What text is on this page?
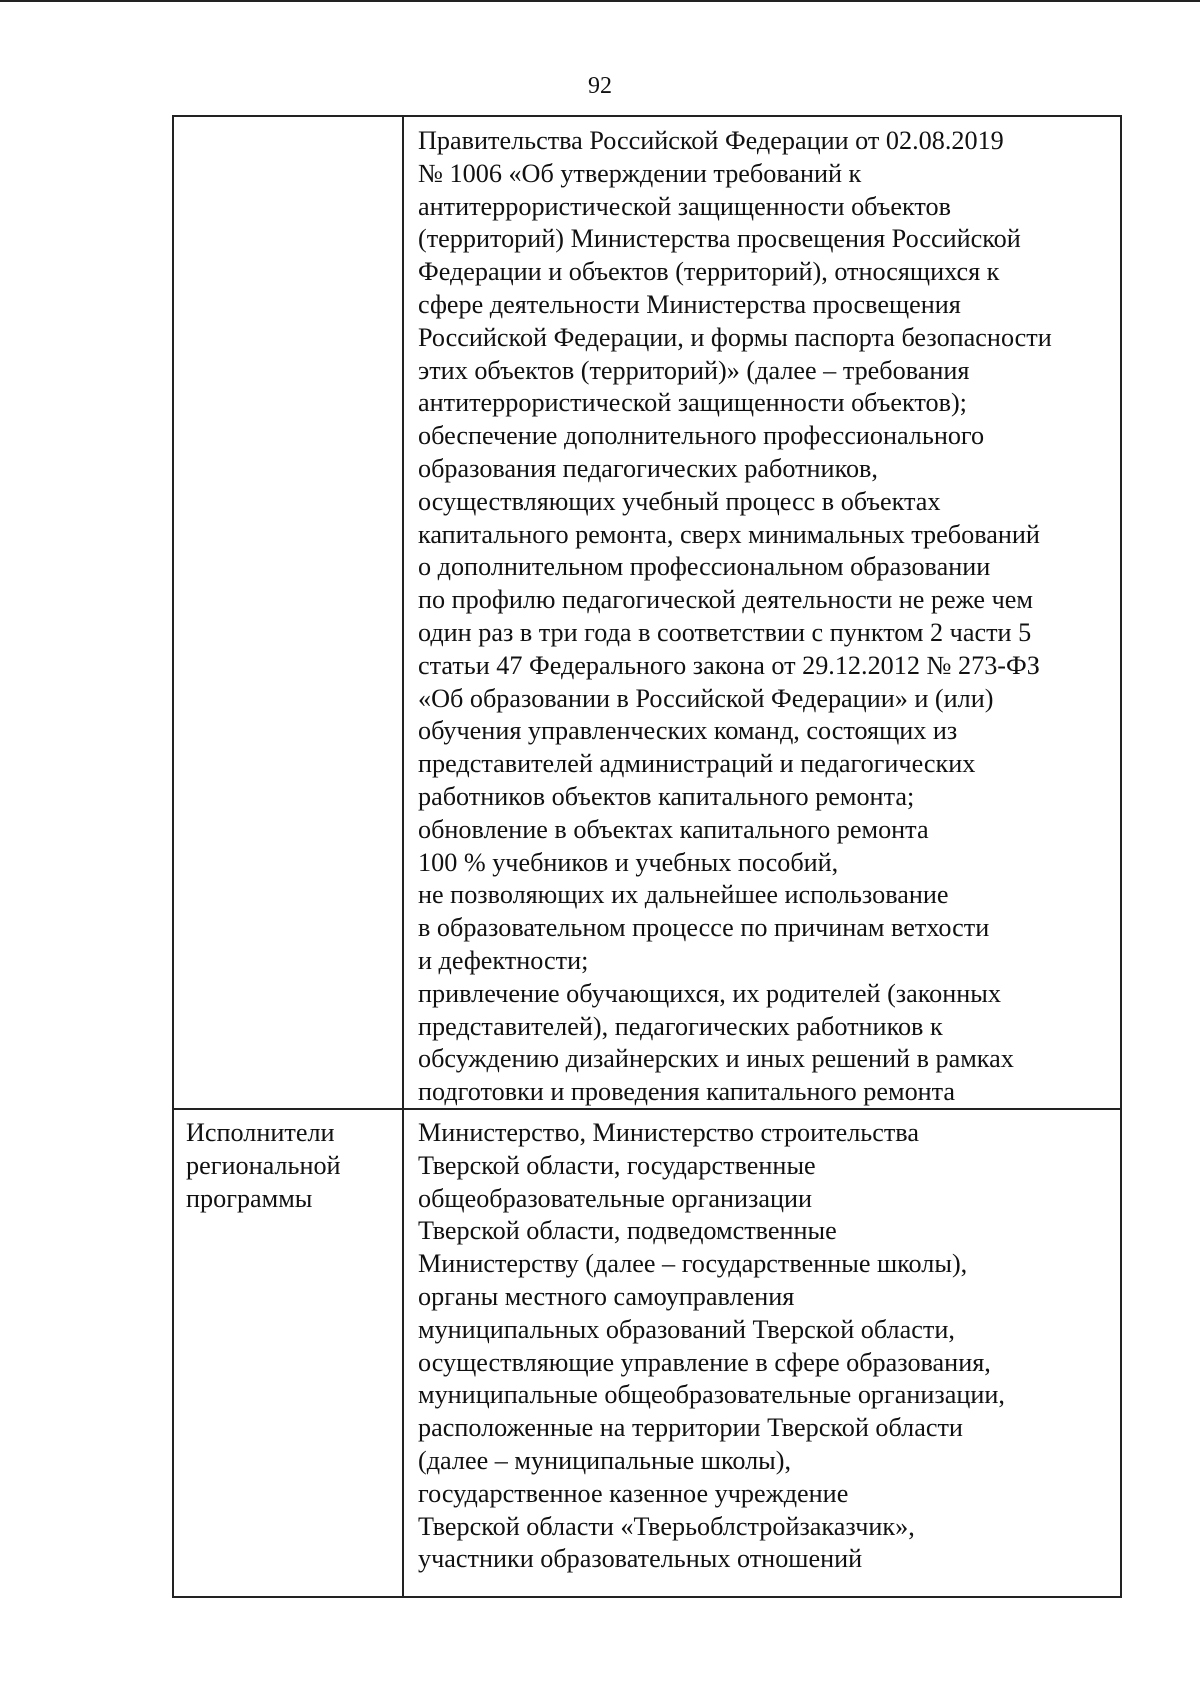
92
Правительства Российской Федерации от 02.08.2019
№ 1006 «Об утверждении требований к
антитеррористической защищенности объектов
(территорий) Министерства просвещения Российской
Федерации и объектов (территорий), относящихся к
сфере деятельности Министерства просвещения
Российской Федерации, и формы паспорта безопасности
этих объектов (территорий)» (далее – требования
антитеррористической защищенности объектов);
обеспечение дополнительного профессионального
образования педагогических работников,
осуществляющих учебный процесс в объектах
капитального ремонта, сверх минимальных требований
о дополнительном профессиональном образовании
по профилю педагогической деятельности не реже чем
один раз в три года в соответствии с пунктом 2 части 5
статьи 47 Федерального закона от 29.12.2012 № 273-ФЗ
«Об образовании в Российской Федерации» и (или)
обучения управленческих команд, состоящих из
представителей администраций и педагогических
работников объектов капитального ремонта;
обновление в объектах капитального ремонта
100 % учебников и учебных пособий,
не позволяющих их дальнейшее использование
в образовательном процессе по причинам ветхости
и дефектности;
привлечение обучающихся, их родителей (законных
представителей), педагогических работников к
обсуждению дизайнерских и иных решений в рамках
подготовки и проведения капитального ремонта
Исполнители
региональной
программы
Министерство, Министерство строительства
Тверской области, государственные
общеобразовательные организации
Тверской области, подведомственные
Министерству (далее – государственные школы),
органы местного самоуправления
муниципальных образований Тверской области,
осуществляющие управление в сфере образования,
муниципальные общеобразовательные организации,
расположенные на территории Тверской области
(далее – муниципальные школы),
государственное казенное учреждение
Тверской области «Тверьоблстройзаказчик»,
участники образовательных отношений
